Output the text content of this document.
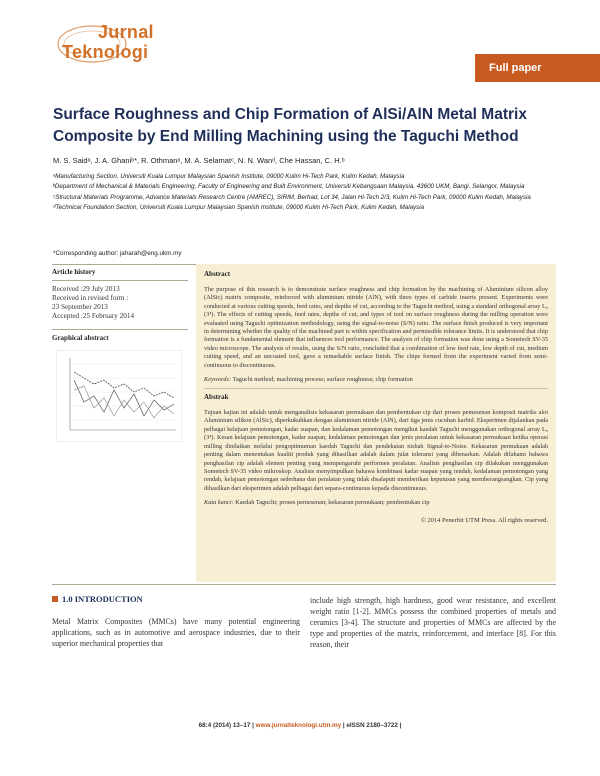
Jurnal
Teknologi
Full paper
Surface Roughness and Chip Formation of AlSi/AlN Metal Matrix Composite by End Milling Machining using the Taguchi Method
M. S. Saidᵃ, J. A. Ghaniᵇ*, R. Othmanᵃ, M. A. Selamatᶜ, N. N. Wanᵈ, Che Hassan, C. H.ᵇ

ᵃManufacturing Section, Universiti Kuala Lumpur Malaysian Spanish Institute, 09000 Kulim Hi-Tech Park, Kulim Kedah, Malaysia

ᵇDepartment of Mechanical & Materials Engineering, Faculty of Engineering and Built Environment, Universiti Kebangsaan Malaysia, 43600 UKM, Bangi, Selangor, Malaysia

ᶜStructural Materials Programme, Advance Materials Research Centre (AMREC), SIRIM, Berhad, Lot 34, Jalan Hi-Tech 2/3, Kulim Hi-Tech Park, 09000 Kulim Kedah, Malaysia

ᵈTechnical Foundation Section, Universiti Kuala Lumpur Malaysian Spanish Institute, 09000 Kulim Hi-Tech Park, Kulim Kedah, Malaysia

*Corresponding author: jaharah@eng.ukm.my
Article history

Received :29 July 2013

Received in revised form :

23 September 2013

Accepted :25 February 2014

Graphical abstract
Abstract

The purpose of this research is to demonstrate surface roughness and chip formation by the machining of Aluminium silicon alloy (AlSic) matrix composite, reinforced with aluminium nitride (AlN), with three types of carbide inserts present. Experiments were conducted at various cutting speeds, feed rates, and depths of cut, according to the Taguchi method, using a standard orthogonal array L₉ (3⁴). The effects of cutting speeds, feed rates, depths of cut, and types of tool on surface roughness during the milling operation were evaluated using Taguchi optimization methodology, using the signal-to-noise (S/N) ratio. The surface finish produced is very important in determining whether the quality of the machined part is within specification and permissible tolerance limits. It is understood that chip formation is a fundamental element that influences tool performance. The analysis of chip formation was done using a Sometech SV-35 video microscope. The analysis of results, using the S/N ratio, concluded that a combination of low feed rate, low depth of cut, medium cutting speed, and an uncoated tool, gave a remarkable surface finish. The chips formed from the experiment varied from semi-continuous to discontinuous.

Keywords: Taguchi method; machining process; surface roughness; chip formation

Abstrak

Tujuan kajian ini adalah untuk menganalisis kekasaran permukaan dan pembentukan cip dari proses pemesenan komposit matriks aloi Aluminium silikon (AlSic), diperkukuhkan dengan aluminium nitride (AlN), dari tiga jenis cucuhan karbid. Eksperimen dijalankan pada pelbagai kelajuan pemotongan, kadar suapan, dan kedalaman pemotongan mengikut kaedah Taguchi menggunakan orthogonal array L₉ (3⁴). Kesan kelajuan pemotongan, kadar suapan, kedalaman pemotongan dan jenis peralatan untuk kekasaran permukaan ketika operasi milling dinilaikan melalui pengoptimuman kaedah Taguchi dan pendekatan nisbah Signal-to-Noise. Kekasaran permukaan adalah penting dalam menentukan kualiti produk yang dihasilkan adalah dalam julat toleransi yang dibenarkan. Adalah difahami bahawa penghasilan cip adalah elemen penting yang mempengaruhi performen peralatan. Analisis penghasilan cip dilakukan menggunakan Sometech SV-35 video mikroskop. Analisis menyimpulkan bahawa kombinasi kadar suapan yang rendah, kedalaman pemotongan yang rendah, kelajuan pemotongan sederhana dan peralatan yang tidak disalaputi memberikan keputusan yang memberangsangkan. Cip yang dihasilkan dari eksperimen adalah pelbagai dari separa-continuous kepada discontinuous.

Kata kunci: Kaedah Taguchi; proses pemesenan; kekasaran permukaan; pembentukan cip

© 2014 Penerbit UTM Press. All rights reserved.

1.0 INTRODUCTION
Metal Matrix Composites (MMCs) have many potential engineering applications, such as in automotive and aerospace industries, due to their superior mechanical properties that
include high strength, high hardness, good wear resistance, and excellent weight ratio [1-2]. MMCs possess the combined properties of metals and ceramics [3-4]. The structure and properties of MMCs are affected by the type and properties of the matrix, reinforcement, and interface [8]. For this reason, their
68:4 (2014) 13–17 | www.jurnalteknologi.utm.my | eISSN 2180–3722 |
